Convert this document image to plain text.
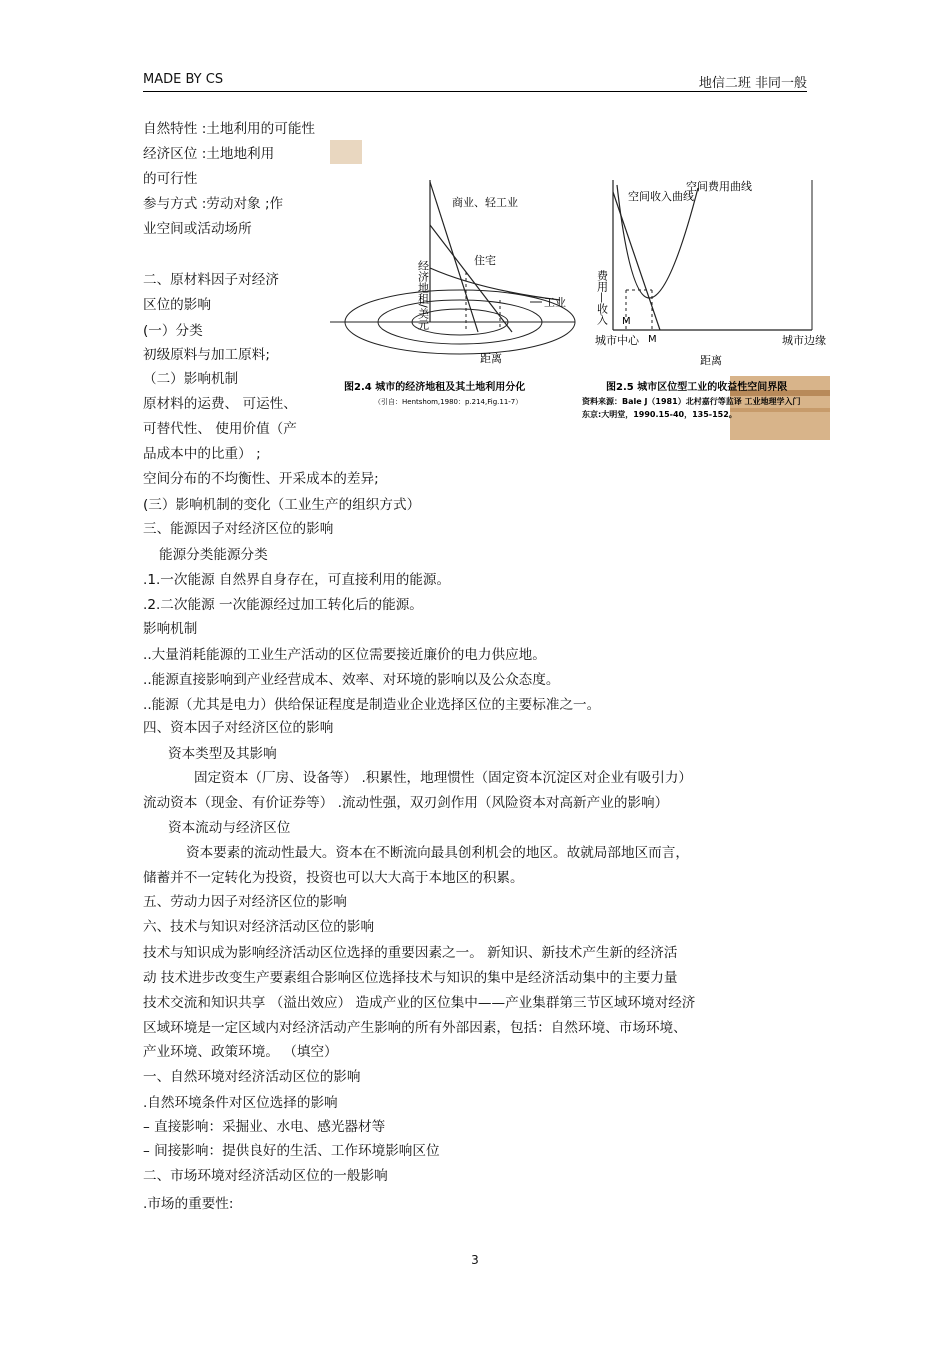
MADE BY CS	地信二班 非同一般
自然特性 :土地利用的可能性
经济区位 :土地地利用
的可行性
参与方式 :劳动对象 ;作
业空间或活动场所
二、原材料因子对经济
区位的影响
(一）分类
初级原料与加工原料;
（二）影响机制
原材料的运费、 可运性、
可替代性、 使用价值（产
品成本中的比重） ;
空间分布的不均衡性、开采成本的差异;
(三）影响机制的变化（工业生产的组织方式）
三、能源因子对经济区位的影响
能源分类能源分类
.1.一次能源 自然界自身存在，可直接利用的能源。
.2.二次能源 一次能源经过加工转化后的能源。
影响机制
..大量消耗能源的工业生产活动的区位需要接近廉价的电力供应地。
..能源直接影响到产业经营成本、效率、对环境的影响以及公众态度。
..能源（尤其是电力）供给保证程度是制造业企业选择区位的主要标准之一。
四、资本因子对经济区位的影响
资本类型及其影响
固定资本（厂房、设备等） .积累性，地理惯性（固定资本沉淀区对企业有吸引力）
流动资本（现金、有价证券等） .流动性强，双刃剑作用（风险资本对高新产业的影响）
资本流动与经济区位
资本要素的流动性最大。资本在不断流向最具创利机会的地区。故就局部地区而言，
储蓄并不一定转化为投资，投资也可以大大高于本地区的积累。
五、劳动力因子对经济区位的影响
六、技术与知识对经济活动区位的影响
技术与知识成为影响经济活动区位选择的重要因素之一。 新知识、新技术产生新的经济活
动 技术进步改变生产要素组合影响区位选择技术与知识的集中是经济活动集中的主要力量
技术交流和知识共享 （溢出效应） 造成产业的区位集中——产业集群第三节区域环境对经济
区域环境是一定区域内对经济活动产生影响的所有外部因素，包括：自然环境、市场环境、
产业环境、政策环境。 （填空）
一、自然环境对经济活动区位的影响
.自然环境条件对区位选择的影响
– 直接影响：采掘业、水电、感光器材等
– 间接影响：提供良好的生活、工作环境影响区位
二、市场环境对经济活动区位的一般影响
.市场的重要性:
经济地租/美元
商业、轻工业
住宅
工业
距离
图2.4 城市的经济地租及其土地利用分化
（引自：Hentshom,1980：p.214,Fig.11-7）
空间收入曲线
空间费用曲线
费用—收入 M
M
城市中心	城市边缘
距离
图2.5 城市区位型工业的收益性空间界限
资料来源：Bale J（1981）北村嘉行等监译 工业地理学入门
东京:大明堂，1990.15-40，135-152。
3
